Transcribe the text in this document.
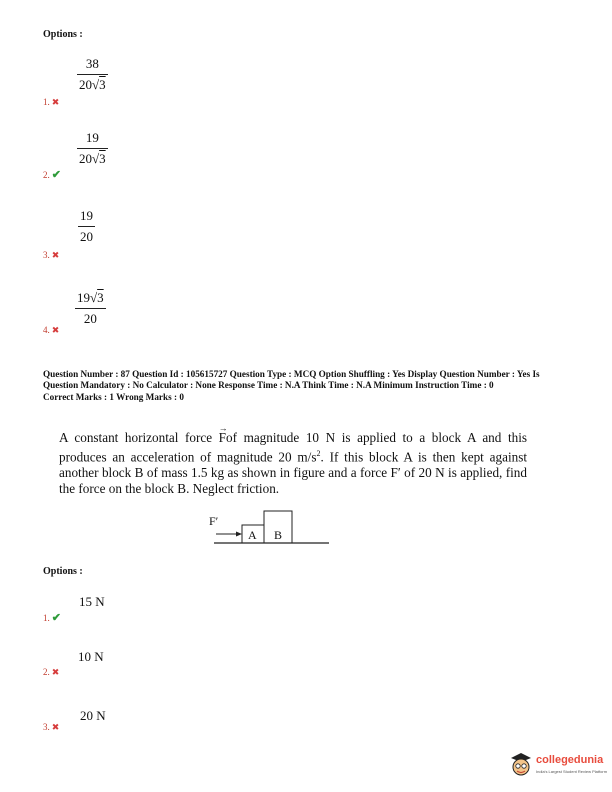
Options :
$\frac{38}{20√3}$
1. ✖
$\frac{19}{20√3}$
2. ✔
$\frac{19}{20}$
3. ✖
$\frac{19√3}{20}$
4. ✖
Question Number : 87 Question Id : 105615727 Question Type : MCQ Option Shuffling : Yes Display Question Number : Yes Is
Question Mandatory : No Calculator : None Response Time : N.A Think Time : N.A Minimum Instruction Time : 0
Correct Marks : 1 Wrong Marks : 0
A constant horizontal force
→
Fof magnitude 10 N is applied to a block A and this produces an acceleration of magnitude 20 $m/s^2$. If this block A is then kept against another block B of mass 1.5 kg as shown in figure and a force F′ of 20 N is applied, find the force on the block B. Neglect friction.
F′
A B
Options :
15 N
1. ✔
10 N
2. ✖
20 N
3. ✖
collegedunia
India's Largest Student Review Platform
